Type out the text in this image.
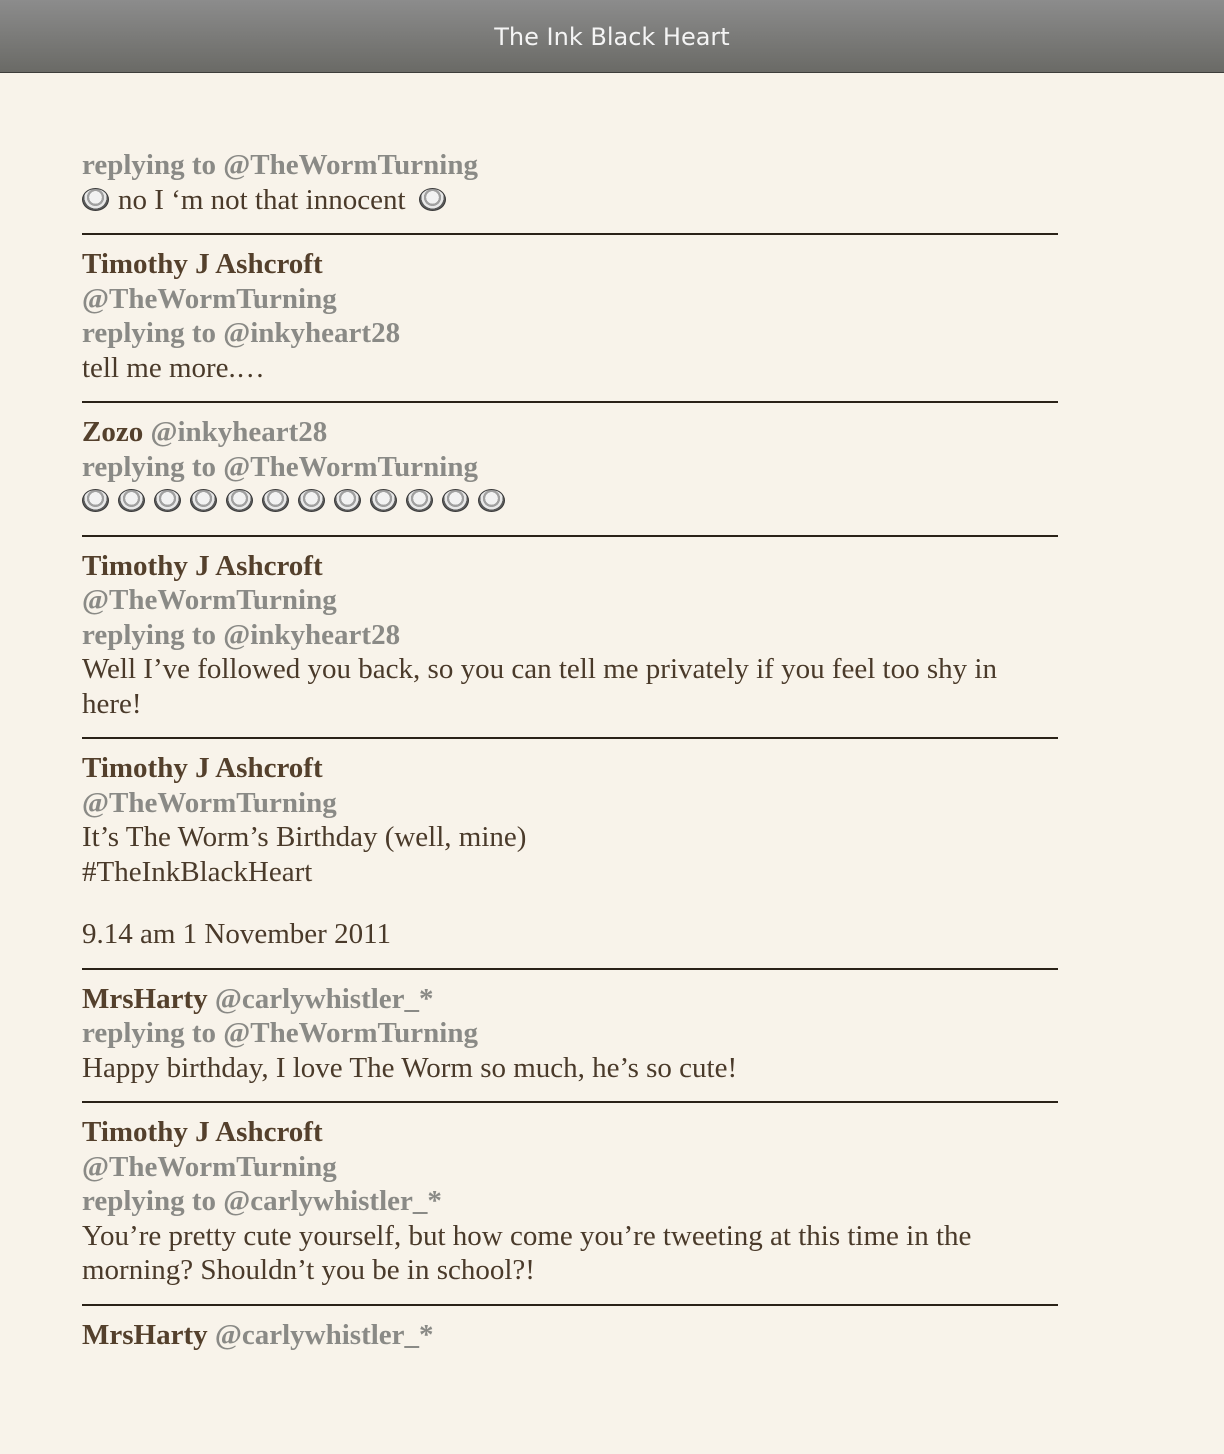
The Ink Black Heart
replying to @TheWormTurning
no I ‘m not that innocent
Timothy J Ashcroft
@TheWormTurning
replying to @inkyheart28
tell me more.…
Zozo @inkyheart28
replying to @TheWormTurning
Timothy J Ashcroft
@TheWormTurning
replying to @inkyheart28
Well I’ve followed you back, so you can tell me privately if you feel too shy in here!
Timothy J Ashcroft
@TheWormTurning
It’s The Worm’s Birthday (well, mine)
#TheInkBlackHeart
9.14 am 1 November 2011
MrsHarty @carlywhistler_*
replying to @TheWormTurning
Happy birthday, I love The Worm so much, he’s so cute!
Timothy J Ashcroft
@TheWormTurning
replying to @carlywhistler_*
You’re pretty cute yourself, but how come you’re tweeting at this time in the morning? Shouldn’t you be in school?!
MrsHarty @carlywhistler_*
